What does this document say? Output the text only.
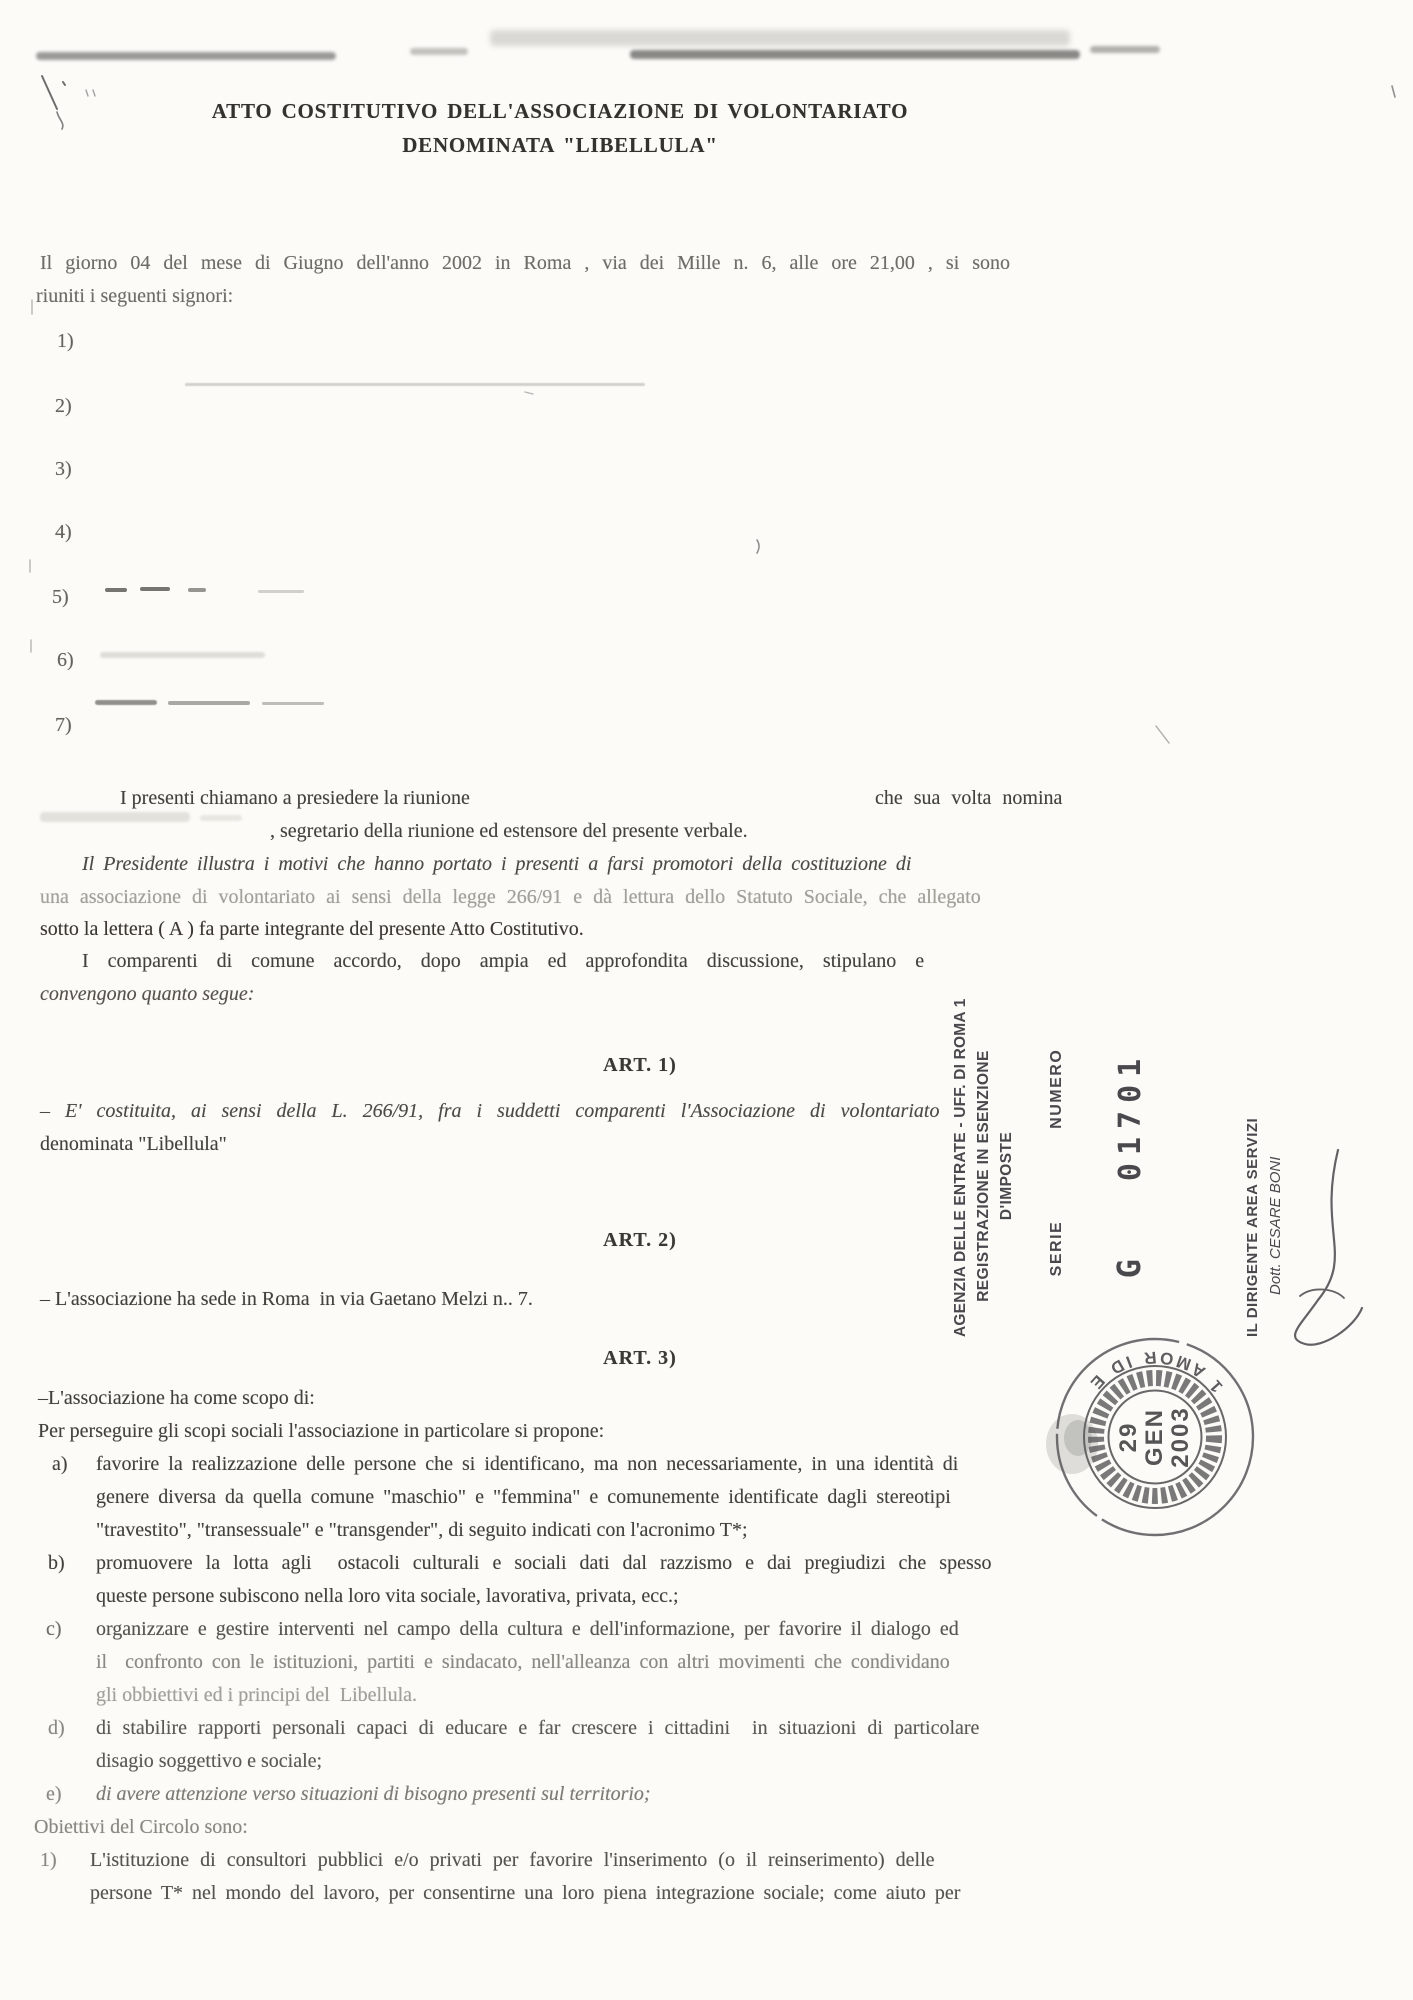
ATTO COSTITUTIVO DELL'ASSOCIAZIONE DI VOLONTARIATO
DENOMINATA "LIBELLULA"
Il giorno 04 del mese di Giugno dell'anno 2002 in Roma , via dei Mille n. 6, alle ore 21,00 , si sono
riuniti i seguenti signori:
1)
2)
3)
4)
5)
6)
7)
I presenti chiamano a presiedere la riunione	che sua volta nomina
, segretario della riunione ed estensore del presente verbale.
Il Presidente illustra i motivi che hanno portato i presenti a farsi promotori della costituzione di
una associazione di volontariato ai sensi della legge 266/91 e dà lettura dello Statuto Sociale, che allegato
sotto la lettera ( A ) fa parte integrante del presente Atto Costitutivo.
I comparenti di comune accordo, dopo ampia ed approfondita discussione, stipulano e
convengono quanto segue:
ART. 1)
– E' costituita, ai sensi della L. 266/91, fra i suddetti comparenti l'Associazione di volontariato
denominata "Libellula"
ART. 2)
– L'associazione ha sede in Roma  in via Gaetano Melzi n.. 7.
ART. 3)
–L'associazione ha come scopo di:
Per perseguire gli scopi sociali l'associazione in particolare si propone:
a) favorire la realizzazione delle persone che si identificano, ma non necessariamente, in una identità di
genere diversa da quella comune "maschio" e "femmina" e comunemente identificate dagli stereotipi
"travestito", "transessuale" e "transgender", di seguito indicati con l'acronimo T*;
b) promuovere la lotta agli  ostacoli culturali e sociali dati dal razzismo e dai pregiudizi che spesso
queste persone subiscono nella loro vita sociale, lavorativa, privata, ecc.;
c) organizzare e gestire interventi nel campo della cultura e dell'informazione, per favorire il dialogo ed
il  confronto con le istituzioni, partiti e sindacato, nell'alleanza con altri movimenti che condividano
gli obbiettivi ed i principi del  Libellula.
d) di stabilire rapporti personali capaci di educare e far crescere i cittadini  in situazioni di particolare
disagio soggettivo e sociale;
e) di avere attenzione verso situazioni di bisogno presenti sul territorio;
Obiettivi del Circolo sono:
1) L'istituzione di consultori pubblici e/o privati per favorire l'inserimento (o il reinserimento) delle
persone T* nel mondo del lavoro, per consentirne una loro piena integrazione sociale; come aiuto per
AGENZIA DELLE ENTRATE - UFF. DI ROMA 1 REGISTRAZIONE IN ESENZIONE D'IMPOSTE

SERIENUMERO

G01701

IL DIRIGENTE AREA SERVIZI Dott. CESARE BONI
E DI ROMA 1
29 GEN 2003
